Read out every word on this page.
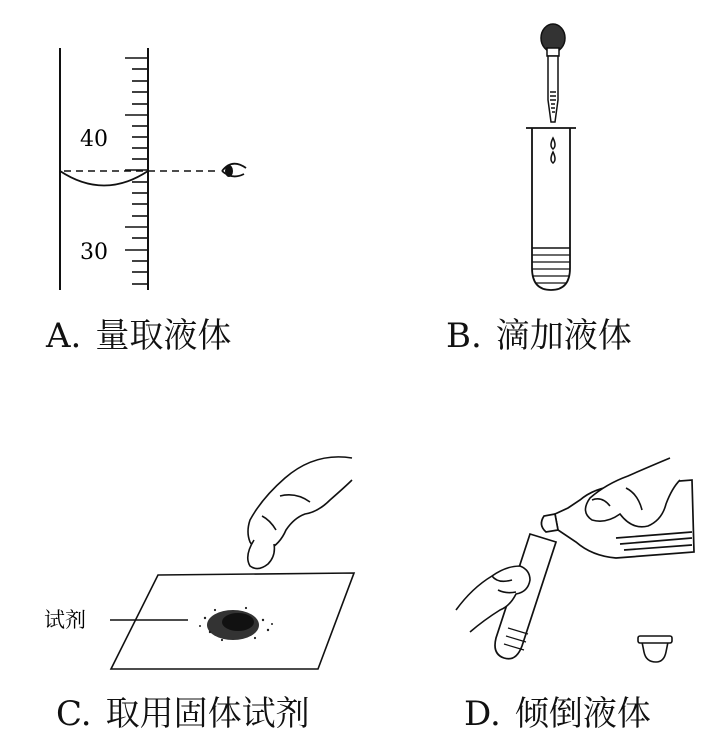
40
30
A. 量取液体	B. 滴加液体
试剂
C. 取用固体试剂	D. 倾倒液体
